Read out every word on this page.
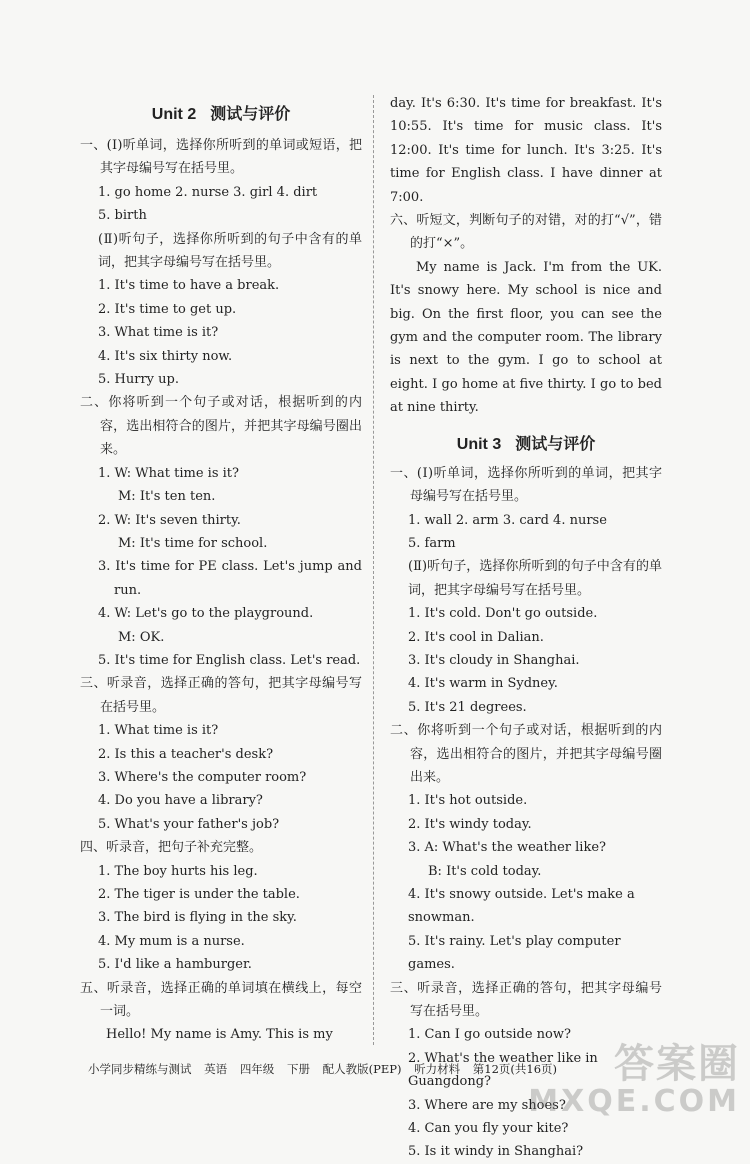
Unit 2 测试与评价
一、(Ⅰ)听单词，选择你所听到的单词或短语，把其字母编号写在括号里。
1. go home 2. nurse 3. girl 4. dirt
5. birth
(Ⅱ)听句子，选择你所听到的句子中含有的单词，把其字母编号写在括号里。
1. It's time to have a break.
2. It's time to get up.
3. What time is it?
4. It's six thirty now.
5. Hurry up.
二、你将听到一个句子或对话，根据听到的内容，选出相符合的图片，并把其字母编号圈出来。
1. W: What time is it?
M: It's ten ten.
2. W: It's seven thirty.
M: It's time for school.
3. It's time for PE class. Let's jump and run.
4. W: Let's go to the playground.
M: OK.
5. It's time for English class. Let's read.
三、听录音，选择正确的答句，把其字母编号写在括号里。
1. What time is it?
2. Is this a teacher's desk?
3. Where's the computer room?
4. Do you have a library?
5. What's your father's job?
四、听录音，把句子补充完整。
1. The boy hurts his leg.
2. The tiger is under the table.
3. The bird is flying in the sky.
4. My mum is a nurse.
5. I'd like a hamburger.
五、听录音，选择正确的单词填在横线上，每空一词。
Hello! My name is Amy. This is my
day. It's 6:30. It's time for breakfast. It's 10:55. It's time for music class. It's 12:00. It's time for lunch. It's 3:25. It's time for English class. I have dinner at 7:00.
六、听短文，判断句子的对错，对的打“√”，错的打“×”。
My name is Jack. I'm from the UK. It's snowy here. My school is nice and big. On the first floor, you can see the gym and the computer room. The library is next to the gym. I go to school at eight. I go home at five thirty. I go to bed at nine thirty.
Unit 3 测试与评价
一、(Ⅰ)听单词，选择你所听到的单词，把其字母编号写在括号里。
1. wall 2. arm 3. card 4. nurse
5. farm
(Ⅱ)听句子，选择你所听到的句子中含有的单词，把其字母编号写在括号里。
1. It's cold. Don't go outside.
2. It's cool in Dalian.
3. It's cloudy in Shanghai.
4. It's warm in Sydney.
5. It's 21 degrees.
二、你将听到一个句子或对话，根据听到的内容，选出相符合的图片，并把其字母编号圈出来。
1. It's hot outside.
2. It's windy today.
3. A: What's the weather like?
B: It's cold today.
4. It's snowy outside. Let's make a snowman.
5. It's rainy. Let's play computer games.
三、听录音，选择正确的答句，把其字母编号写在括号里。
1. Can I go outside now?
2. What's the weather like in Guangdong?
3. Where are my shoes?
4. Can you fly your kite?
5. Is it windy in Shanghai?
小学同步精练与测试 英语 四年级 下册 配人教版(PEP) 听力材料 第12页(共16页)	答案圈
MXQE.COM
